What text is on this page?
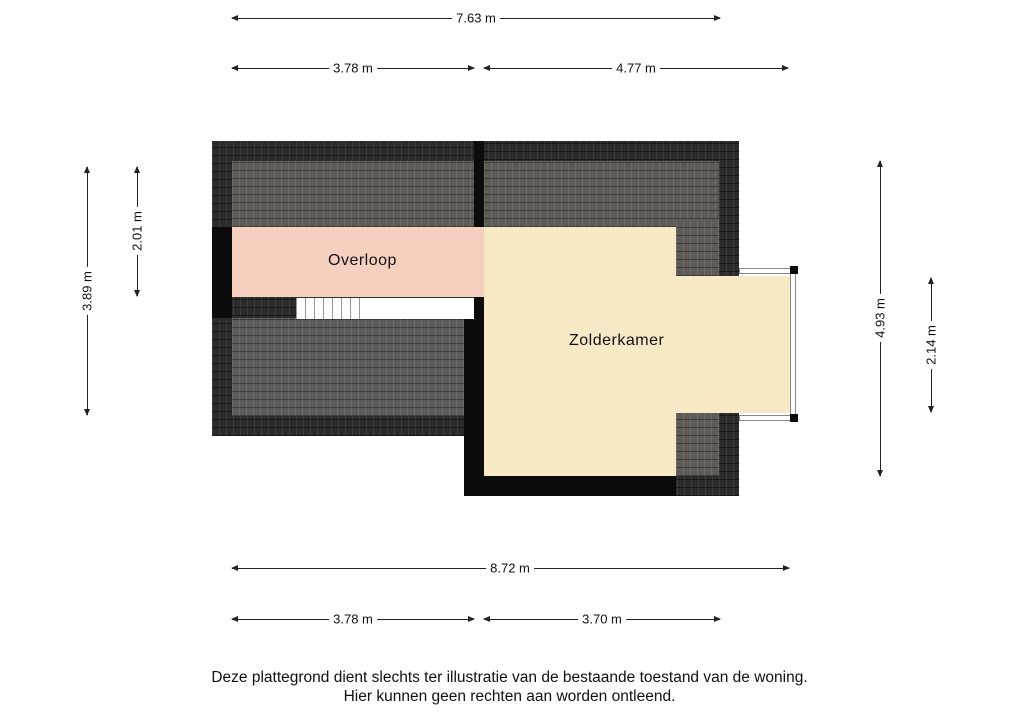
Overloop
Zolderkamer
7.63 m
3.78 m	4.77 m
3.89 m
2.01 m
4.93 m
2.14 m
8.72 m
3.78 m	3.70 m
Deze plattegrond dient slechts ter illustratie van de bestaande toestand van de woning.
Hier kunnen geen rechten aan worden ontleend.
